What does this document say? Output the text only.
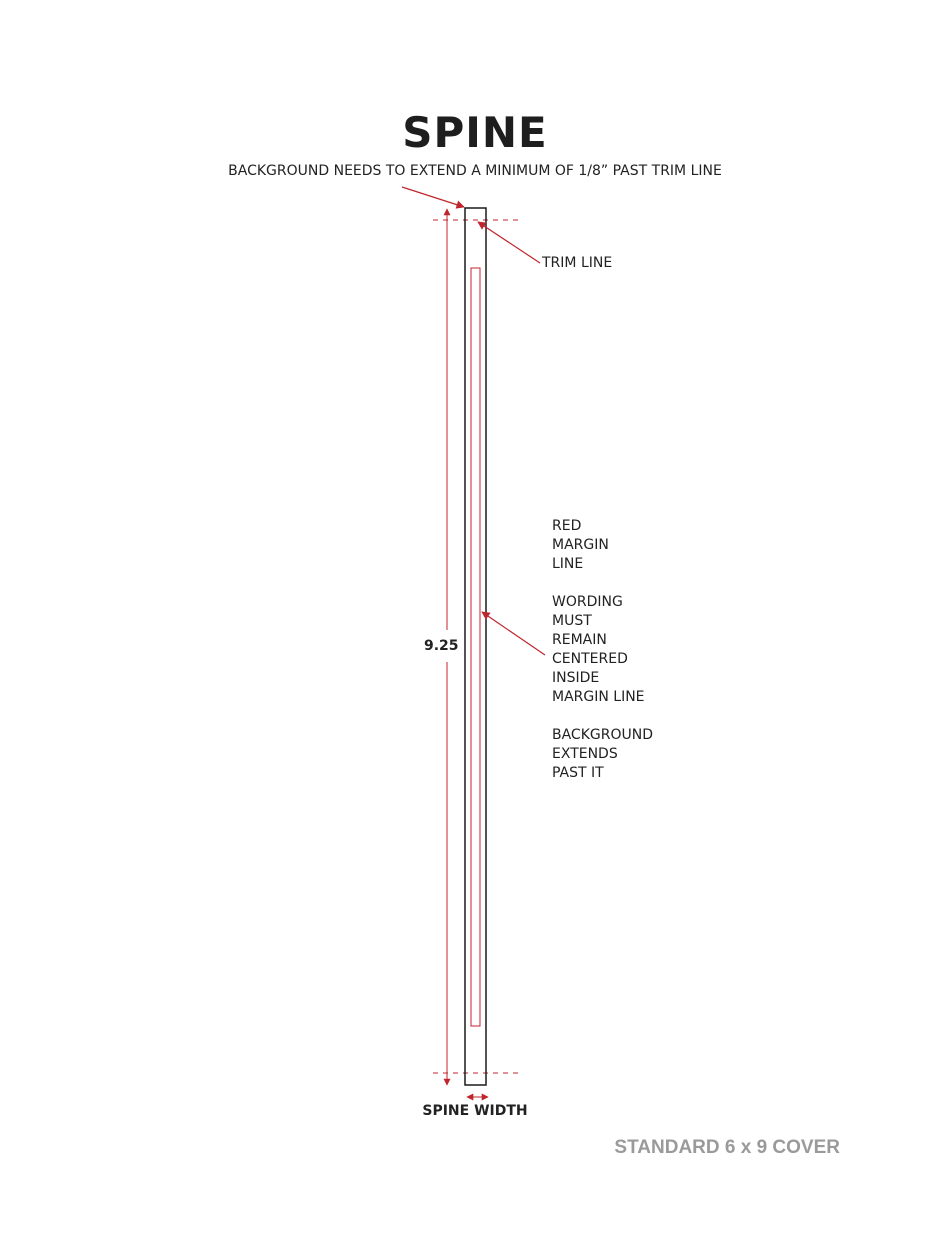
SPINE
BACKGROUND NEEDS TO EXTEND A MINIMUM OF 1/8” PAST TRIM LINE
TRIM LINE
RED
MARGIN
LINE
WORDING
MUST
REMAIN
CENTERED
INSIDE
MARGIN LINE
BACKGROUND
EXTENDS
PAST IT
9.25
SPINE WIDTH
STANDARD 6 x 9 COVER
